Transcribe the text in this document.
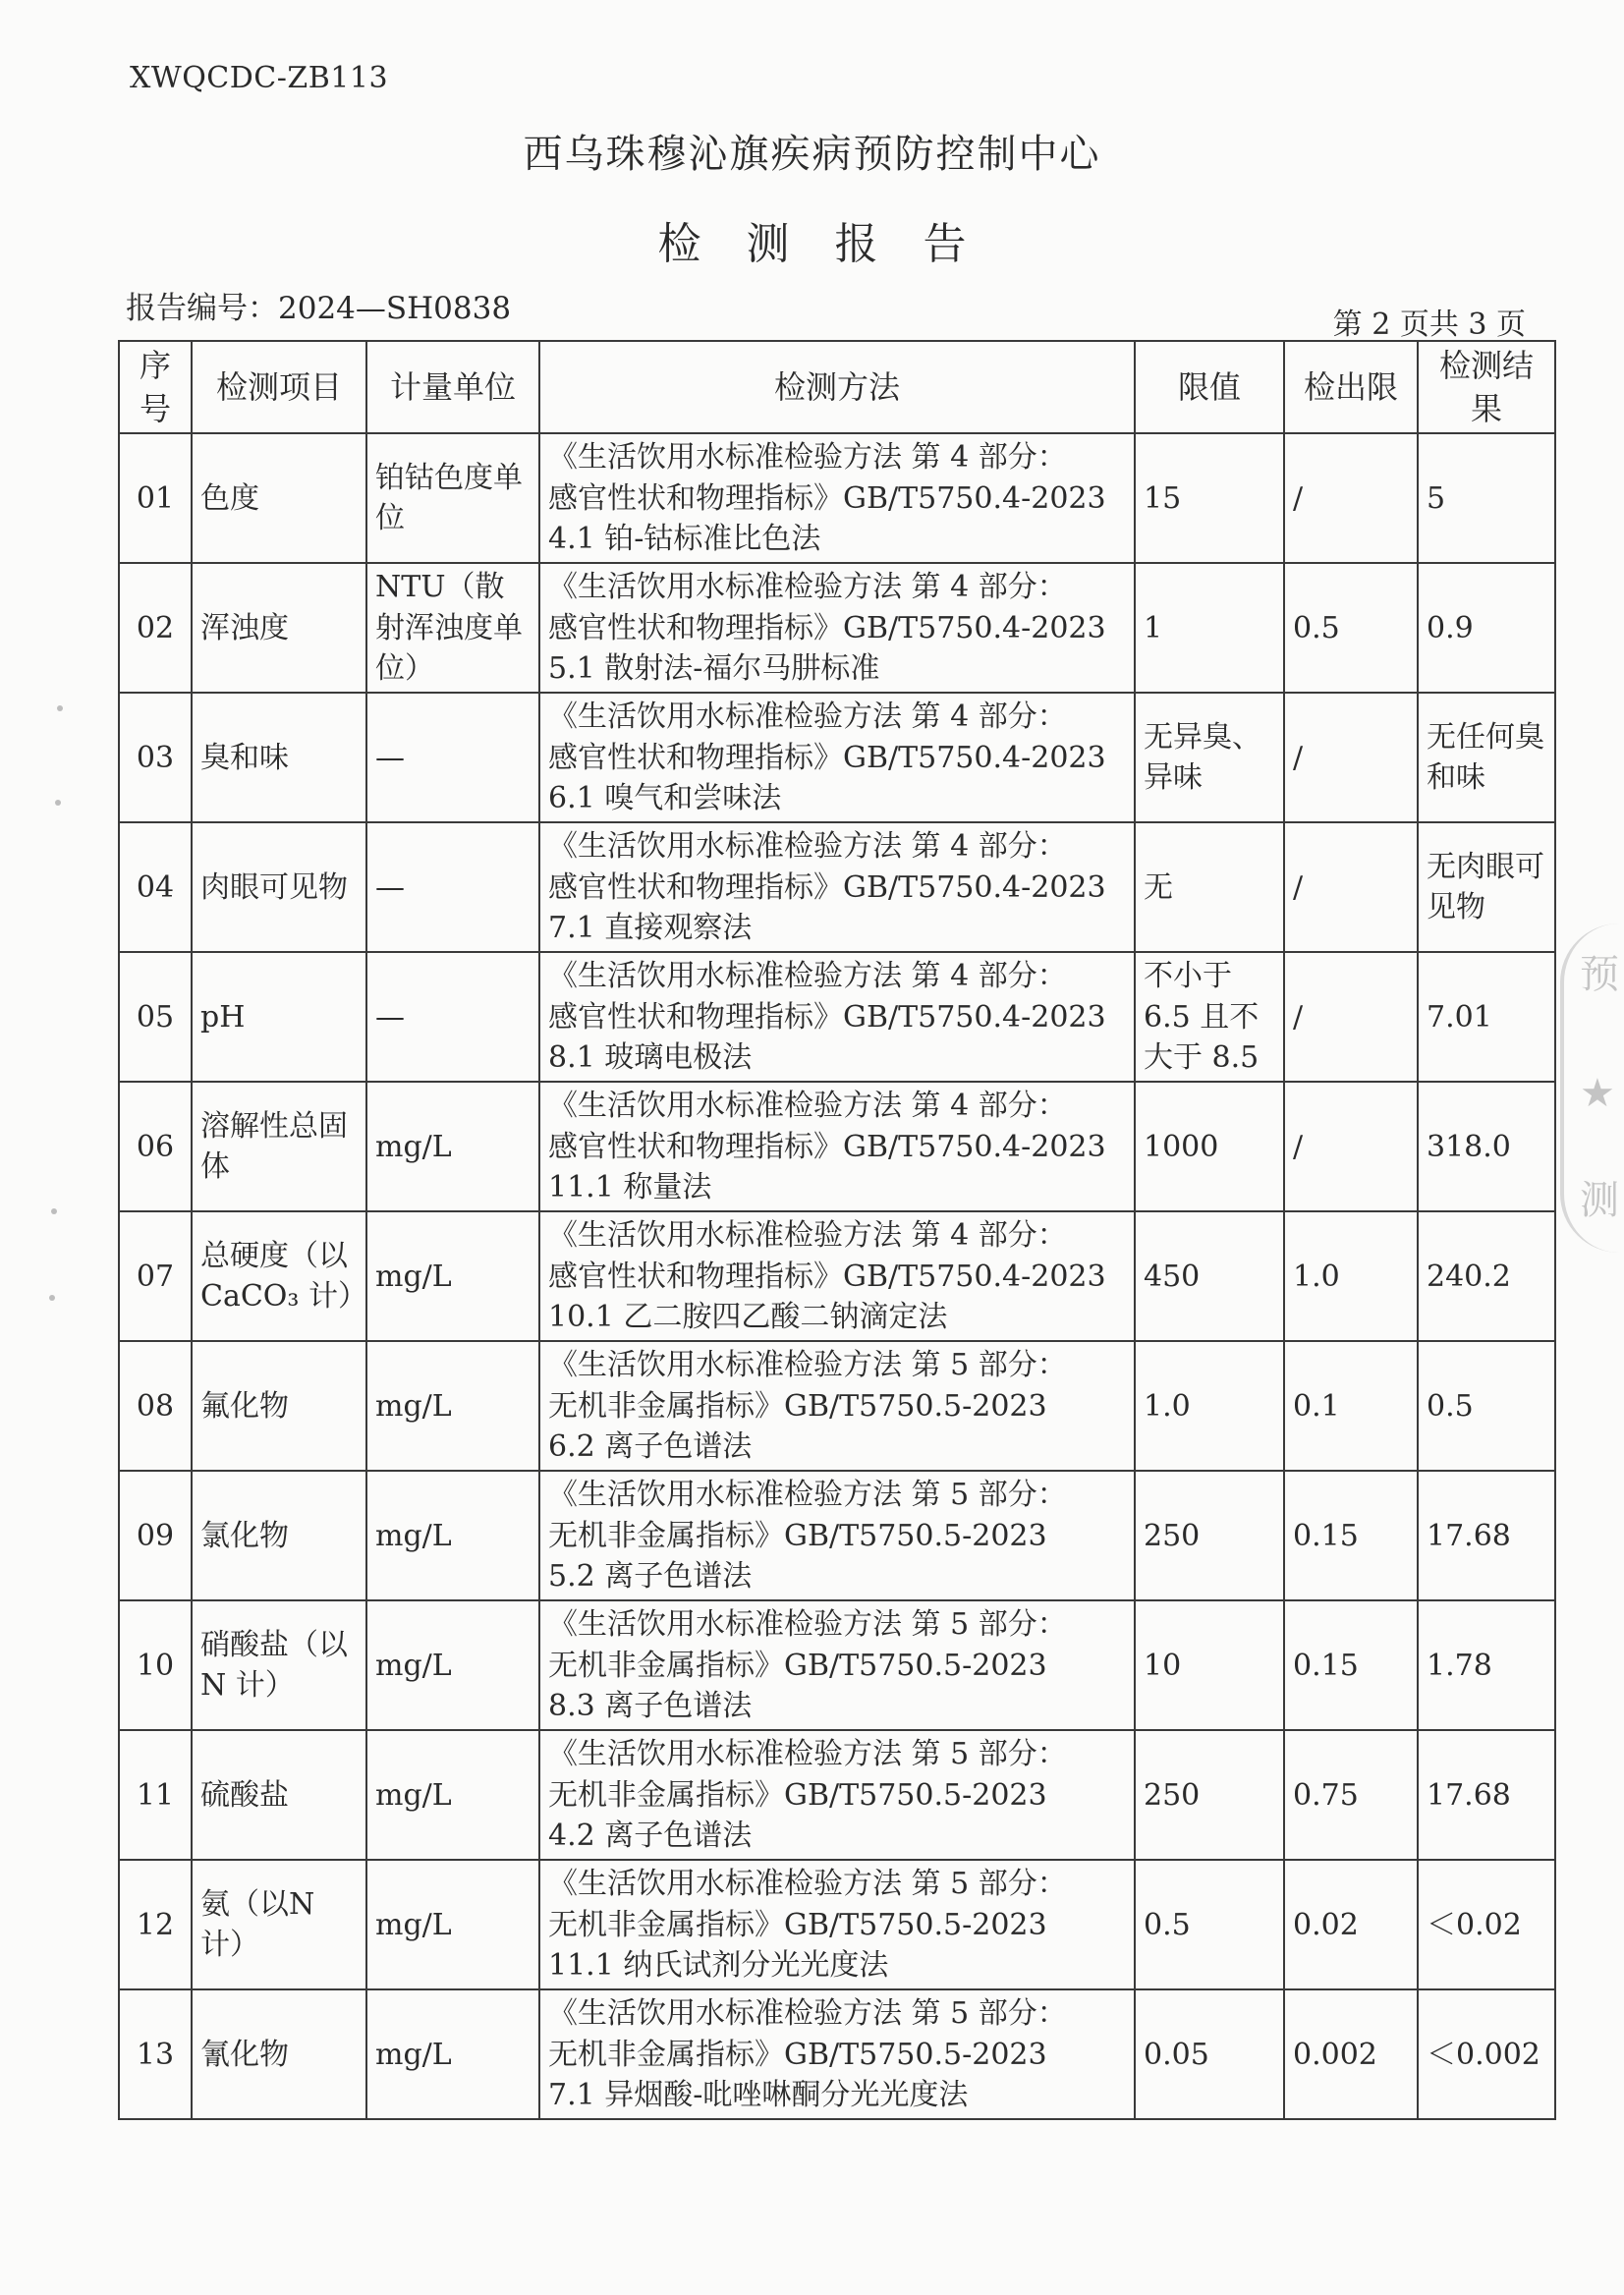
XWQCDC-ZB113
西乌珠穆沁旗疾病预防控制中心
检测报告
报告编号：2024—SH0838	第 2 页共 3 页
序号	检测项目	计量单位	检测方法	限值	检出限	检测结果
01	色度	铂钴色度单位	《生活饮用水标准检验方法 第 4 部分：
感官性状和物理指标》GB/T5750.4-2023
4.1 铂-钴标准比色法	15	/	5
02	浑浊度	NTU（散射浑浊度单位）	《生活饮用水标准检验方法 第 4 部分：
感官性状和物理指标》GB/T5750.4-2023
5.1 散射法-福尔马肼标准	1	0.5	0.9
03	臭和味	—	《生活饮用水标准检验方法 第 4 部分：
感官性状和物理指标》GB/T5750.4-2023
6.1 嗅气和尝味法	无异臭、异味	/	无任何臭和味
04	肉眼可见物	—	《生活饮用水标准检验方法 第 4 部分：
感官性状和物理指标》GB/T5750.4-2023
7.1 直接观察法	无	/	无肉眼可见物
05	pH	—	《生活饮用水标准检验方法 第 4 部分：
感官性状和物理指标》GB/T5750.4-2023
8.1 玻璃电极法	不小于 6.5 且不大于 8.5	/	7.01
06	溶解性总固体	mg/L	《生活饮用水标准检验方法 第 4 部分：
感官性状和物理指标》GB/T5750.4-2023
11.1 称量法	1000	/	318.0
07	总硬度（以CaCO₃ 计）	mg/L	《生活饮用水标准检验方法 第 4 部分：
感官性状和物理指标》GB/T5750.4-2023
10.1 乙二胺四乙酸二钠滴定法	450	1.0	240.2
08	氟化物	mg/L	《生活饮用水标准检验方法 第 5 部分：
无机非金属指标》GB/T5750.5-2023
6.2 离子色谱法	1.0	0.1	0.5
09	氯化物	mg/L	《生活饮用水标准检验方法 第 5 部分：
无机非金属指标》GB/T5750.5-2023
5.2 离子色谱法	250	0.15	17.68
10	硝酸盐（以N 计）	mg/L	《生活饮用水标准检验方法 第 5 部分：
无机非金属指标》GB/T5750.5-2023
8.3 离子色谱法	10	0.15	1.78
11	硫酸盐	mg/L	《生活饮用水标准检验方法 第 5 部分：
无机非金属指标》GB/T5750.5-2023
4.2 离子色谱法	250	0.75	17.68
12	氨（以N 计）	mg/L	《生活饮用水标准检验方法 第 5 部分：
无机非金属指标》GB/T5750.5-2023
11.1 纳氏试剂分光光度法	0.5	0.02	＜0.02
13	氰化物	mg/L	《生活饮用水标准检验方法 第 5 部分：
无机非金属指标》GB/T5750.5-2023
7.1 异烟酸-吡唑啉酮分光光度法	0.05	0.002	＜0.002
预
★
测
